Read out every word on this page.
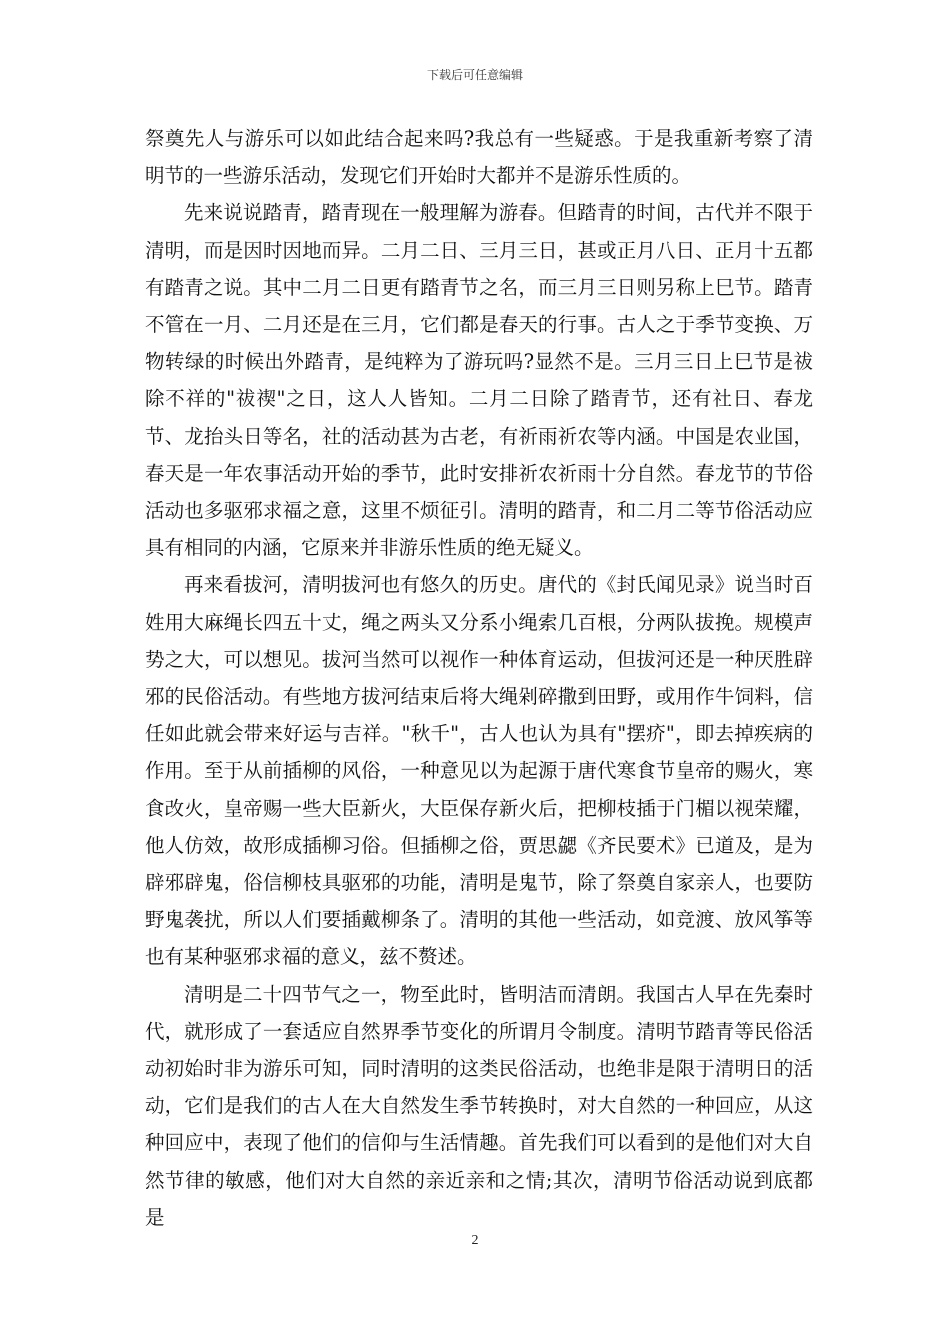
下载后可任意编辑

祭奠先人与游乐可以如此结合起来吗?我总有一些疑惑。于是我重新考察了清明节的一些游乐活动，发现它们开始时大都并不是游乐性质的。

先来说说踏青，踏青现在一般理解为游春。但踏青的时间，古代并不限于清明，而是因时因地而异。二月二日、三月三日，甚或正月八日、正月十五都有踏青之说。其中二月二日更有踏青节之名，而三月三日则另称上巳节。踏青不管在一月、二月还是在三月，它们都是春天的行事。古人之于季节变换、万物转绿的时候出外踏青，是纯粹为了游玩吗?显然不是。三月三日上巳节是祓除不祥的"祓禊"之日，这人人皆知。二月二日除了踏青节，还有社日、春龙节、龙抬头日等名，社的活动甚为古老，有祈雨祈农等内涵。中国是农业国，春天是一年农事活动开始的季节，此时安排祈农祈雨十分自然。春龙节的节俗活动也多驱邪求福之意，这里不烦征引。清明的踏青，和二月二等节俗活动应具有相同的内涵，它原来并非游乐性质的绝无疑义。

再来看拔河，清明拔河也有悠久的历史。唐代的《封氏闻见录》说当时百姓用大麻绳长四五十丈，绳之两头又分系小绳索几百根，分两队拔挽。规模声势之大，可以想见。拔河当然可以视作一种体育运动，但拔河还是一种厌胜辟邪的民俗活动。有些地方拔河结束后将大绳剁碎撒到田野，或用作牛饲料，信任如此就会带来好运与吉祥。"秋千"，古人也认为具有"摆疥"，即去掉疾病的作用。至于从前插柳的风俗，一种意见以为起源于唐代寒食节皇帝的赐火，寒食改火，皇帝赐一些大臣新火，大臣保存新火后，把柳枝插于门楣以视荣耀，他人仿效，故形成插柳习俗。但插柳之俗，贾思勰《齐民要术》已道及，是为辟邪辟鬼，俗信柳枝具驱邪的功能，清明是鬼节，除了祭奠自家亲人，也要防野鬼袭扰，所以人们要插戴柳条了。清明的其他一些活动，如竞渡、放风筝等也有某种驱邪求福的意义，兹不赘述。

清明是二十四节气之一，物至此时，皆明洁而清朗。我国古人早在先秦时代，就形成了一套适应自然界季节变化的所谓月令制度。清明节踏青等民俗活动初始时非为游乐可知，同时清明的这类民俗活动，也绝非是限于清明日的活动，它们是我们的古人在大自然发生季节转换时，对大自然的一种回应，从这种回应中，表现了他们的信仰与生活情趣。首先我们可以看到的是他们对大自然节律的敏感，他们对大自然的亲近亲和之情;其次，清明节俗活动说到底都是

2
